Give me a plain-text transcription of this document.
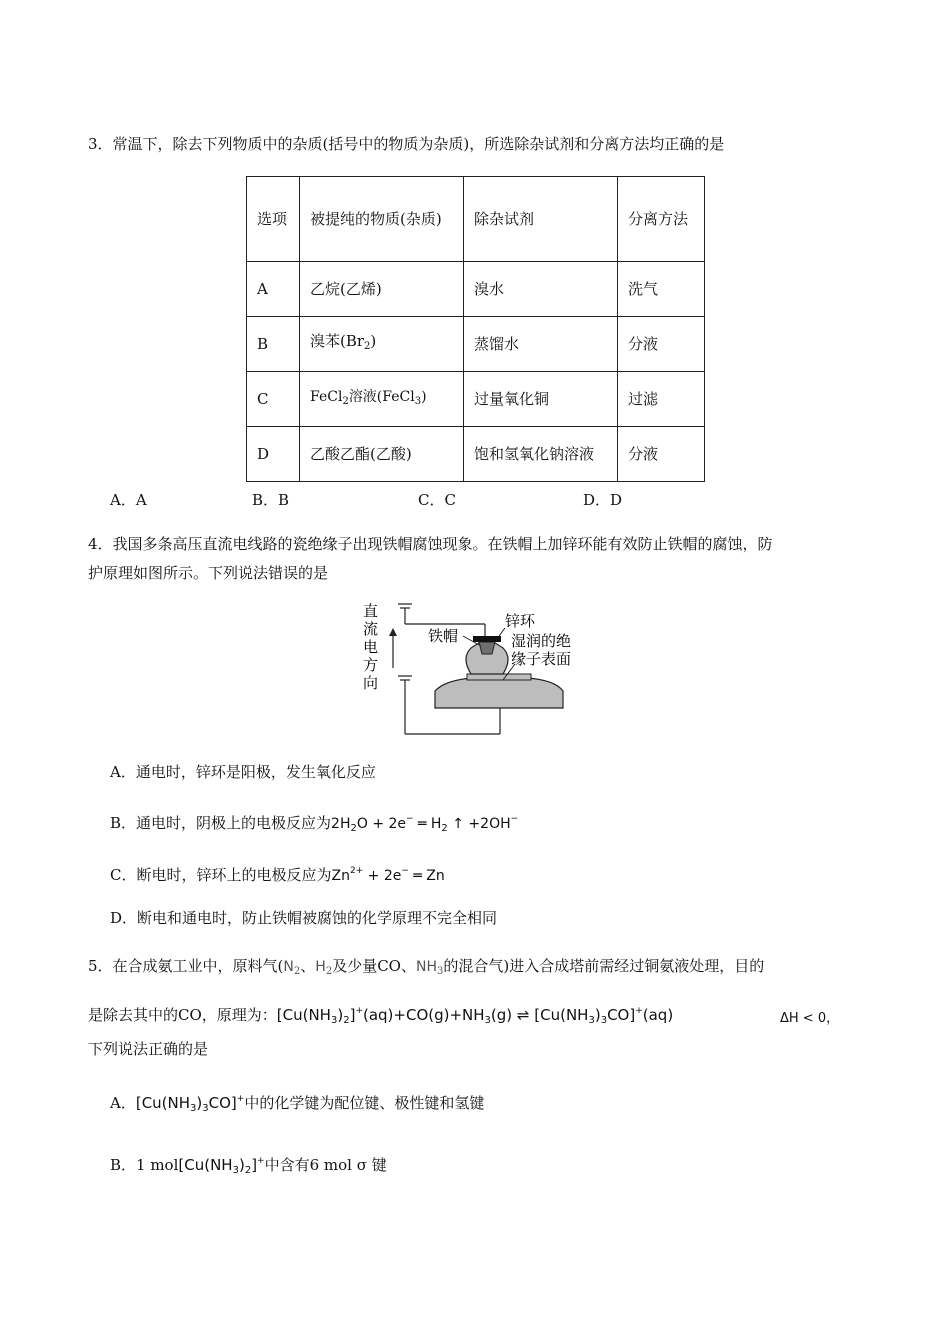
3．常温下，除去下列物质中的杂质(括号中的物质为杂质)，所选除杂试剂和分离方法均正确的是
选项	被提纯的物质(杂质)	除杂试剂	分离方法
A	乙烷(乙烯)	溴水	洗气
B	溴苯$(Br_2)$	蒸馏水	分液
C	FeCl$_2$溶液(FeCl$_3$)	过量氧化铜	过滤
D	乙酸乙酯(乙酸)	饱和氢氧化钠溶液	分液
A．A	B．B	C．C	D．D
4．我国多条高压直流电线路的瓷绝缘子出现铁帽腐蚀现象。在铁帽上加锌环能有效防止铁帽的腐蚀，防
护原理如图所示。下列说法错误的是
直
流
电
方
向
铁帽
锌环
湿润的绝
缘子表面
A．通电时，锌环是阳极，发生氧化反应
B．通电时，阴极上的电极反应为$2H_2O + 2e^-$ ═ $H_2$ ↑ +2OH−
C．断电时，锌环上的电极反应为$Zn^{2+} + 2e^-$ ═ Zn
D．断电和通电时，防止铁帽被腐蚀的化学原理不完全相同
5．在合成氨工业中，原料气($N_2$、$H_2$及少量CO、$NH_3$的混合气)进入合成塔前需经过铜氨液处理，目的
是除去其中的CO，原理为：$[Cu(NH_3)_2]^+(aq)+CO(g)+NH_3(g)$ ⇌ $[Cu(NH_3)_3CO]^+(aq)$	ΔH < 0，
下列说法正确的是
A．$[Cu(NH_3)_3CO]^+$中的化学键为配位键、极性键和氢键
B．1 $mol[Cu(NH_3)_2]^+$中含有6 mol σ 键
